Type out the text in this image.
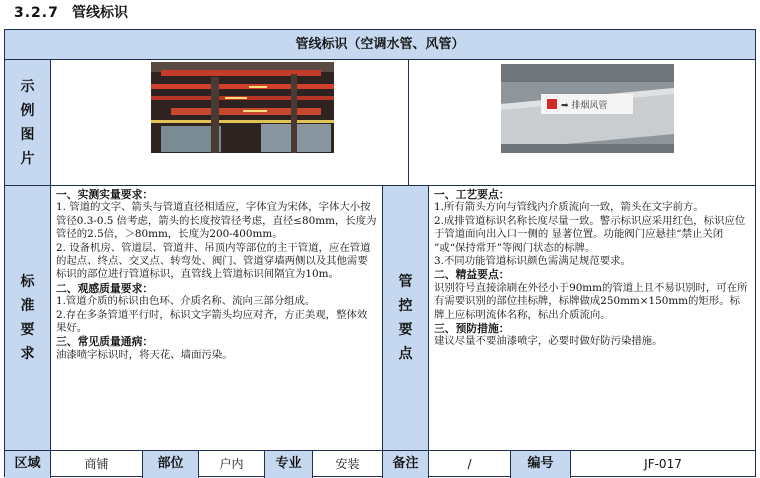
3.2.7 管线标识
管线标识（空调水管、风管）
示
例
图
片
➡ 排烟风管
标
准
要
求
一、实测实量要求：
1. 管道的文字、箭头与管道直径相适应，字体宜为宋体，字体大小按管径0.3-0.5 倍考虑，箭头的长度按管径考虑，直径≤80mm，长度为管径的2.5倍，＞80mm，长度为200-400mm。
2. 设备机房、管道层、管道井、吊顶内等部位的主干管道，应在管道的起点、终点、交叉点、转弯处、阀门、管道穿墙两侧以及其他需要标识的部位进行管道标识，直管线上管道标识间隔宜为10m。
二、观感质量要求：
1.管道介质的标识由色环、介质名称、流向三部分组成。
2.存在多条管道平行时，标识文字箭头均应对齐，方正美观，整体效果好。
三、常见质量通病：
油漆喷字标识时，将天花、墙面污染。
管
控
要
点
一、工艺要点：
1.所有箭头方向与管线内介质流向一致，箭头在文字前方。
2.成排管道标识名称长度尽量一致。警示标识应采用红色，标识应位于管道面向出入口一侧的 显著位置。功能阀门应悬挂“禁止关闭 ”或“保持常开”等阀门状态的标牌。
3.不同功能管道标识颜色需满足规范要求。
二、精益要点：
识别符号直接涂刷在外径小于90mm的管道上且不易识别时，可在所有需要识别的部位挂标牌，标牌做成250mm×150mm的矩形。标牌上应标明流体名称，标出介质流向。
三、预防措施：
建议尽量不要油漆喷字，必要时做好防污染措施。
区域	商铺	部位	户内	专业	安装	备注	/	编号	JF-017
